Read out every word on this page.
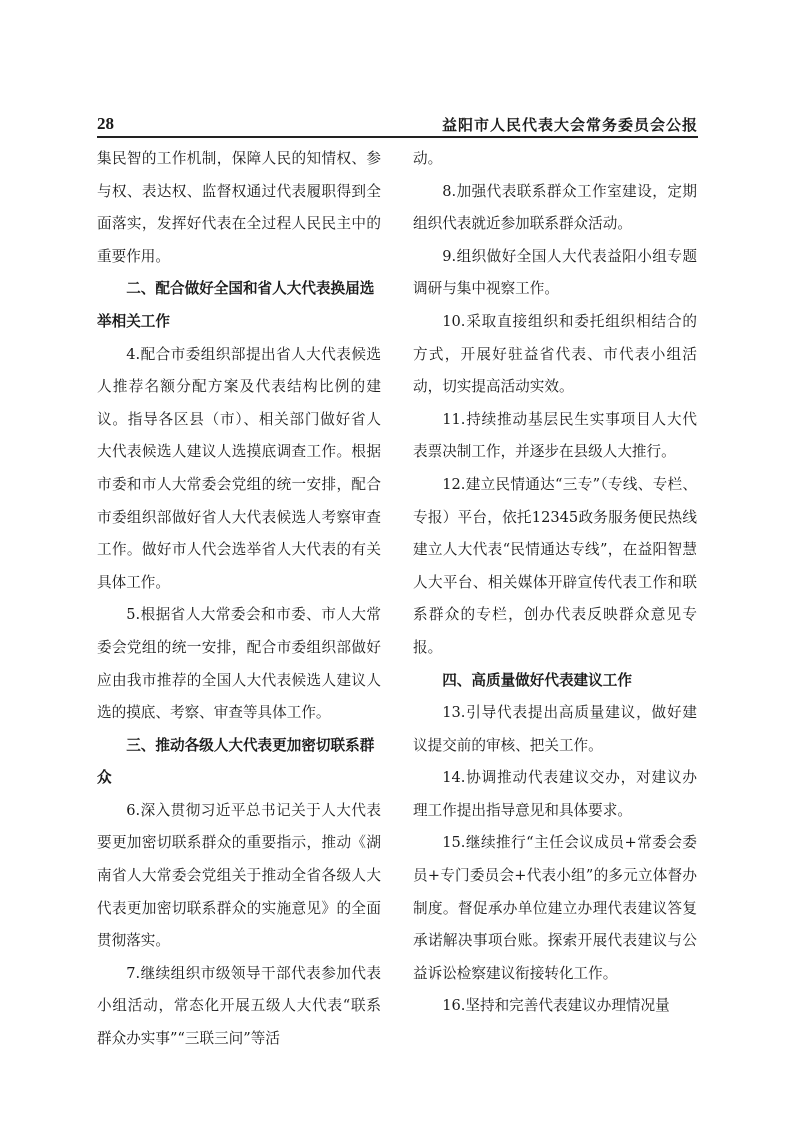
28	益阳市人民代表大会常务委员会公报

集民智的工作机制，保障人民的知情权、参与权、表达权、监督权通过代表履职得到全面落实，发挥好代表在全过程人民民主中的重要作用。

二、配合做好全国和省人大代表换届选举相关工作

4.配合市委组织部提出省人大代表候选人推荐名额分配方案及代表结构比例的建议。指导各区县（市）、相关部门做好省人大代表候选人建议人选摸底调查工作。根据市委和市人大常委会党组的统一安排，配合市委组织部做好省人大代表候选人考察审查工作。做好市人代会选举省人大代表的有关具体工作。

5.根据省人大常委会和市委、市人大常委会党组的统一安排，配合市委组织部做好应由我市推荐的全国人大代表候选人建议人选的摸底、考察、审查等具体工作。

三、推动各级人大代表更加密切联系群众

6.深入贯彻习近平总书记关于人大代表要更加密切联系群众的重要指示，推动《湖南省人大常委会党组关于推动全省各级人大代表更加密切联系群众的实施意见》的全面贯彻落实。

7.继续组织市级领导干部代表参加代表小组活动，常态化开展五级人大代表“联系群众办实事”“三联三问”等活

动。

8.加强代表联系群众工作室建设，定期组织代表就近参加联系群众活动。

9.组织做好全国人大代表益阳小组专题调研与集中视察工作。

10.采取直接组织和委托组织相结合的方式，开展好驻益省代表、市代表小组活动，切实提高活动实效。

11.持续推动基层民生实事项目人大代表票决制工作，并逐步在县级人大推行。

12.建立民情通达“三专”（专线、专栏、专报）平台，依托12345政务服务便民热线建立人大代表“民情通达专线”，在益阳智慧人大平台、相关媒体开辟宣传代表工作和联系群众的专栏，创办代表反映群众意见专报。

四、高质量做好代表建议工作

13.引导代表提出高质量建议，做好建议提交前的审核、把关工作。

14.协调推动代表建议交办，对建议办理工作提出指导意见和具体要求。

15.继续推行“主任会议成员+常委会委员+专门委员会+代表小组”的多元立体督办制度。督促承办单位建立办理代表建议答复承诺解决事项台账。探索开展代表建议与公益诉讼检察建议衔接转化工作。

16.坚持和完善代表建议办理情况量
